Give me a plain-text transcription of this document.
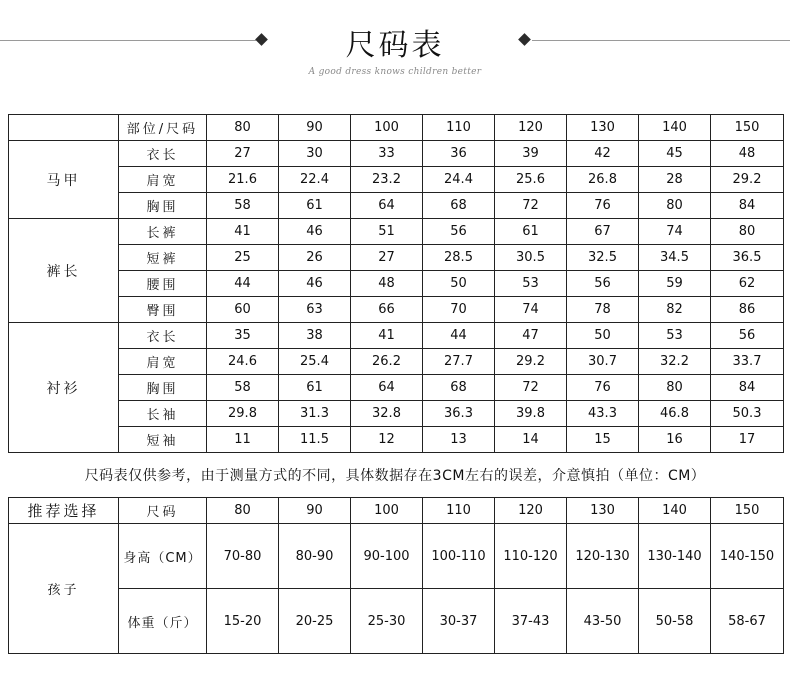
尺码表
A good dress knows children better
	部位/尺码	80	90	100	110	120	130	140	150
马甲	衣长	27	30	33	36	39	42	45	48
	肩宽	21.6	22.4	23.2	24.4	25.6	26.8	28	29.2
	胸围	58	61	64	68	72	76	80	84
裤长	长裤	41	46	51	56	61	67	74	80
	短裤	25	26	27	28.5	30.5	32.5	34.5	36.5
	腰围	44	46	48	50	53	56	59	62
	臀围	60	63	66	70	74	78	82	86
衬衫	衣长	35	38	41	44	47	50	53	56
	肩宽	24.6	25.4	26.2	27.7	29.2	30.7	32.2	33.7
	胸围	58	61	64	68	72	76	80	84
	长袖	29.8	31.3	32.8	36.3	39.8	43.3	46.8	50.3
	短袖	11	11.5	12	13	14	15	16	17
尺码表仅供参考，由于测量方式的不同，具体数据存在3CM左右的误差，介意慎拍（单位：CM）
推荐选择	尺码	80	90	100	110	120	130	140	150
孩子	身高（CM）	70-80	80-90	90-100	100-110	110-120	120-130	130-140	140-150
	体重（斤）	15-20	20-25	25-30	30-37	37-43	43-50	50-58	58-67
